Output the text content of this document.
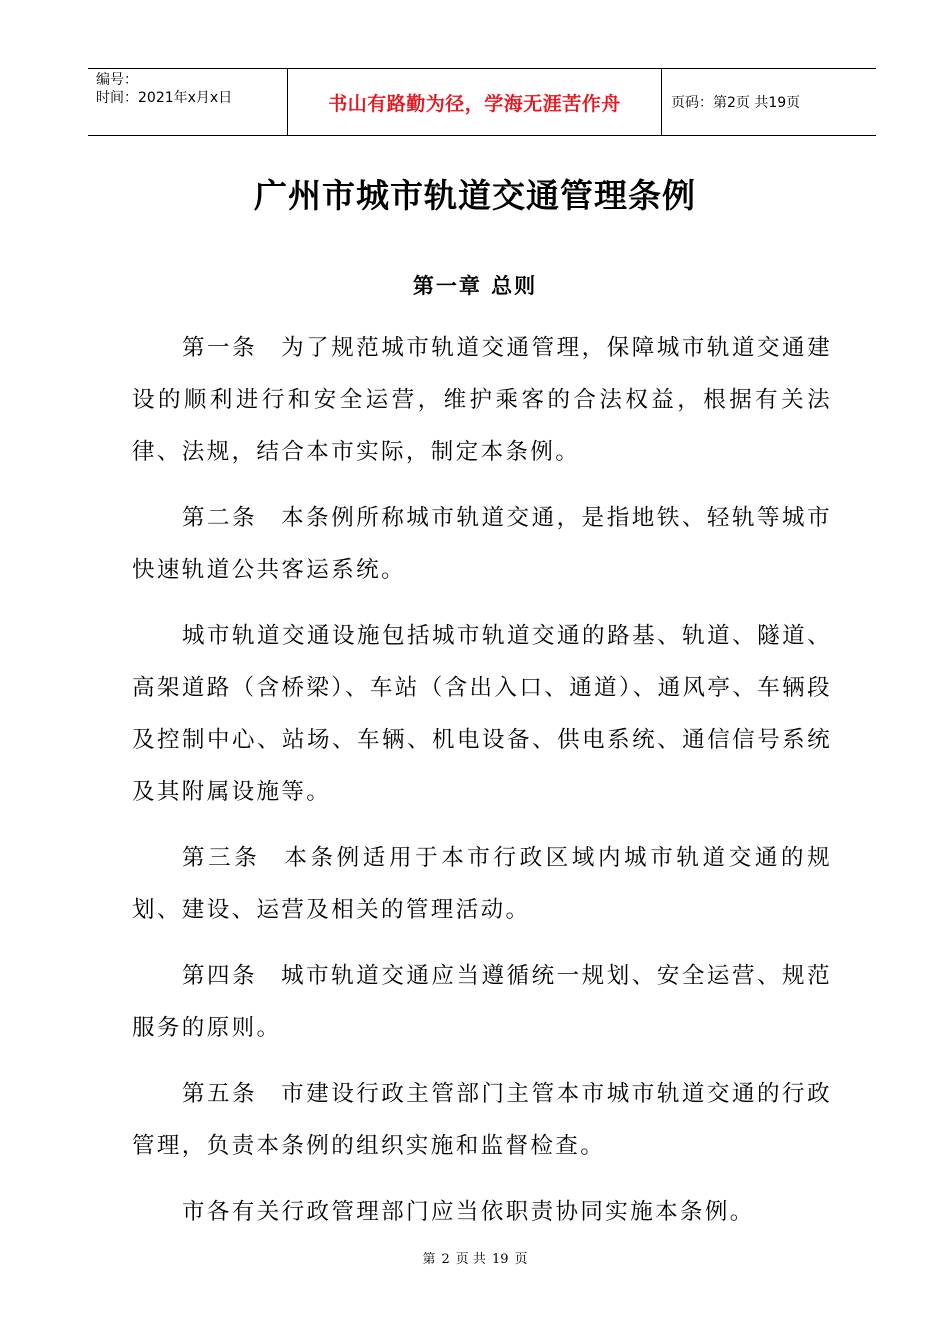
编号：
时间：2021年x月x日	书山有路勤为径，学海无涯苦作舟	页码：第2页 共19页
广州市城市轨道交通管理条例
第一章 总则

第一条 为了规范城市轨道交通管理，保障城市轨道交通建设的顺利进行和安全运营，维护乘客的合法权益，根据有关法律、法规，结合本市实际，制定本条例。

第二条 本条例所称城市轨道交通，是指地铁、轻轨等城市快速轨道公共客运系统。

城市轨道交通设施包括城市轨道交通的路基、轨道、隧道、高架道路（含桥梁）、车站（含出入口、通道）、通风亭、车辆段及控制中心、站场、车辆、机电设备、供电系统、通信信号系统及其附属设施等。

第三条 本条例适用于本市行政区域内城市轨道交通的规划、建设、运营及相关的管理活动。

第四条 城市轨道交通应当遵循统一规划、安全运营、规范服务的原则。

第五条 市建设行政主管部门主管本市城市轨道交通的行政管理，负责本条例的组织实施和监督检查。

市各有关行政管理部门应当依职责协同实施本条例。

第 2 页 共 19 页
